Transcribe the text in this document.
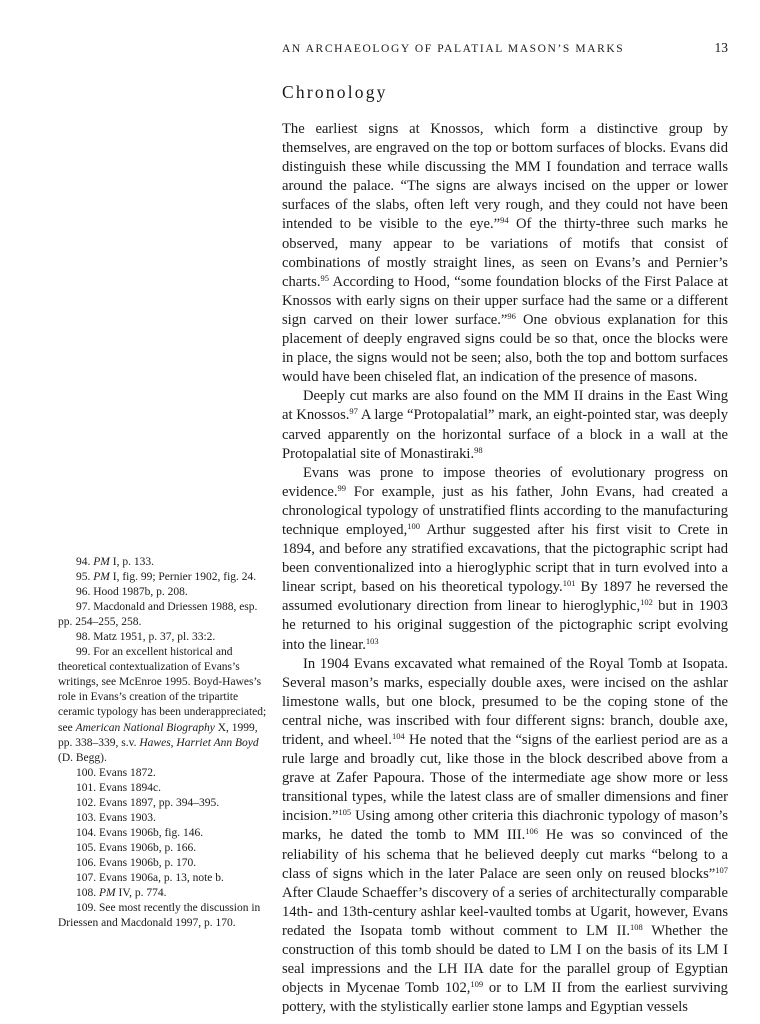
AN ARCHAEOLOGY OF PALATIAL MASON’S MARKS	13
Chronology

The earliest signs at Knossos, which form a distinctive group by themselves, are engraved on the top or bottom surfaces of blocks. Evans did distinguish these while discussing the MM I foundation and terrace walls around the palace. “The signs are always incised on the upper or lower surfaces of the slabs, often left very rough, and they could not have been intended to be visible to the eye.”$^{94}$ Of the thirty-three such marks he observed, many appear to be variations of motifs that consist of combinations of mostly straight lines, as seen on Evans’s and Pernier’s charts.$^{95}$ According to Hood, “some foundation blocks of the First Palace at Knossos with early signs on their upper surface had the same or a different sign carved on their lower surface.”$^{96}$ One obvious explanation for this placement of deeply engraved signs could be so that, once the blocks were in place, the signs would not be seen; also, both the top and bottom surfaces would have been chiseled flat, an indication of the presence of masons.

Deeply cut marks are also found on the MM II drains in the East Wing at Knossos.$^{97}$ A large “Protopalatial” mark, an eight-pointed star, was deeply carved apparently on the horizontal surface of a block in a wall at the Protopalatial site of Monastiraki.$^{98}$

Evans was prone to impose theories of evolutionary progress on evidence.$^{99}$ For example, just as his father, John Evans, had created a chronological typology of unstratified flints according to the manufacturing technique employed,$^{100}$ Arthur suggested after his first visit to Crete in 1894, and before any stratified excavations, that the pictographic script had been conventionalized into a hieroglyphic script that in turn evolved into a linear script, based on his theoretical typology.$^{101}$ By 1897 he reversed the assumed evolutionary direction from linear to hieroglyphic,$^{102}$ but in 1903 he returned to his original suggestion of the pictographic script evolving into the linear.$^{103}$

In 1904 Evans excavated what remained of the Royal Tomb at Isopata. Several mason’s marks, especially double axes, were incised on the ashlar limestone walls, but one block, presumed to be the coping stone of the central niche, was inscribed with four different signs: branch, double axe, trident, and wheel.$^{104}$ He noted that the “signs of the earliest period are as a rule large and broadly cut, like those in the block described above from a grave at Zafer Papoura. Those of the intermediate age show more or less transitional types, while the latest class are of smaller dimensions and finer incision.”$^{105}$ Using among other criteria this diachronic typology of mason’s marks, he dated the tomb to MM III.$^{106}$ He was so convinced of the reliability of his schema that he believed deeply cut marks “belong to a class of signs which in the later Palace are seen only on reused blocks”$^{107}$ After Claude Schaeffer’s discovery of a series of architecturally comparable 14th- and 13th-century ashlar keel-vaulted tombs at Ugarit, however, Evans redated the Isopata tomb without comment to LM II.$^{108}$ Whether the construction of this tomb should be dated to LM I on the basis of its LM I seal impressions and the LH IIA date for the parallel group of Egyptian objects in Mycenae Tomb 102,$^{109}$ or to LM II from the earliest surviving pottery, with the stylistically earlier stone lamps and Egyptian vessels

94. PM I, p. 133.
95. PM I, fig. 99; Pernier 1902, fig. 24.
96. Hood 1987b, p. 208.
97. Macdonald and Driessen 1988, esp. pp. 254–255, 258.
98. Matz 1951, p. 37, pl. 33:2.
99. For an excellent historical and theoretical contextualization of Evans’s writings, see McEnroe 1995. Boyd-Hawes’s role in Evans’s creation of the tripartite ceramic typology has been underappreciated; see American National Biography X, 1999, pp. 338–339, s.v. Hawes, Harriet Ann Boyd (D. Begg).
100. Evans 1872.
101. Evans 1894c.
102. Evans 1897, pp. 394–395.
103. Evans 1903.
104. Evans 1906b, fig. 146.
105. Evans 1906b, p. 166.
106. Evans 1906b, p. 170.
107. Evans 1906a, p. 13, note b.
108. PM IV, p. 774.
109. See most recently the discussion in Driessen and Macdonald 1997, p. 170.
